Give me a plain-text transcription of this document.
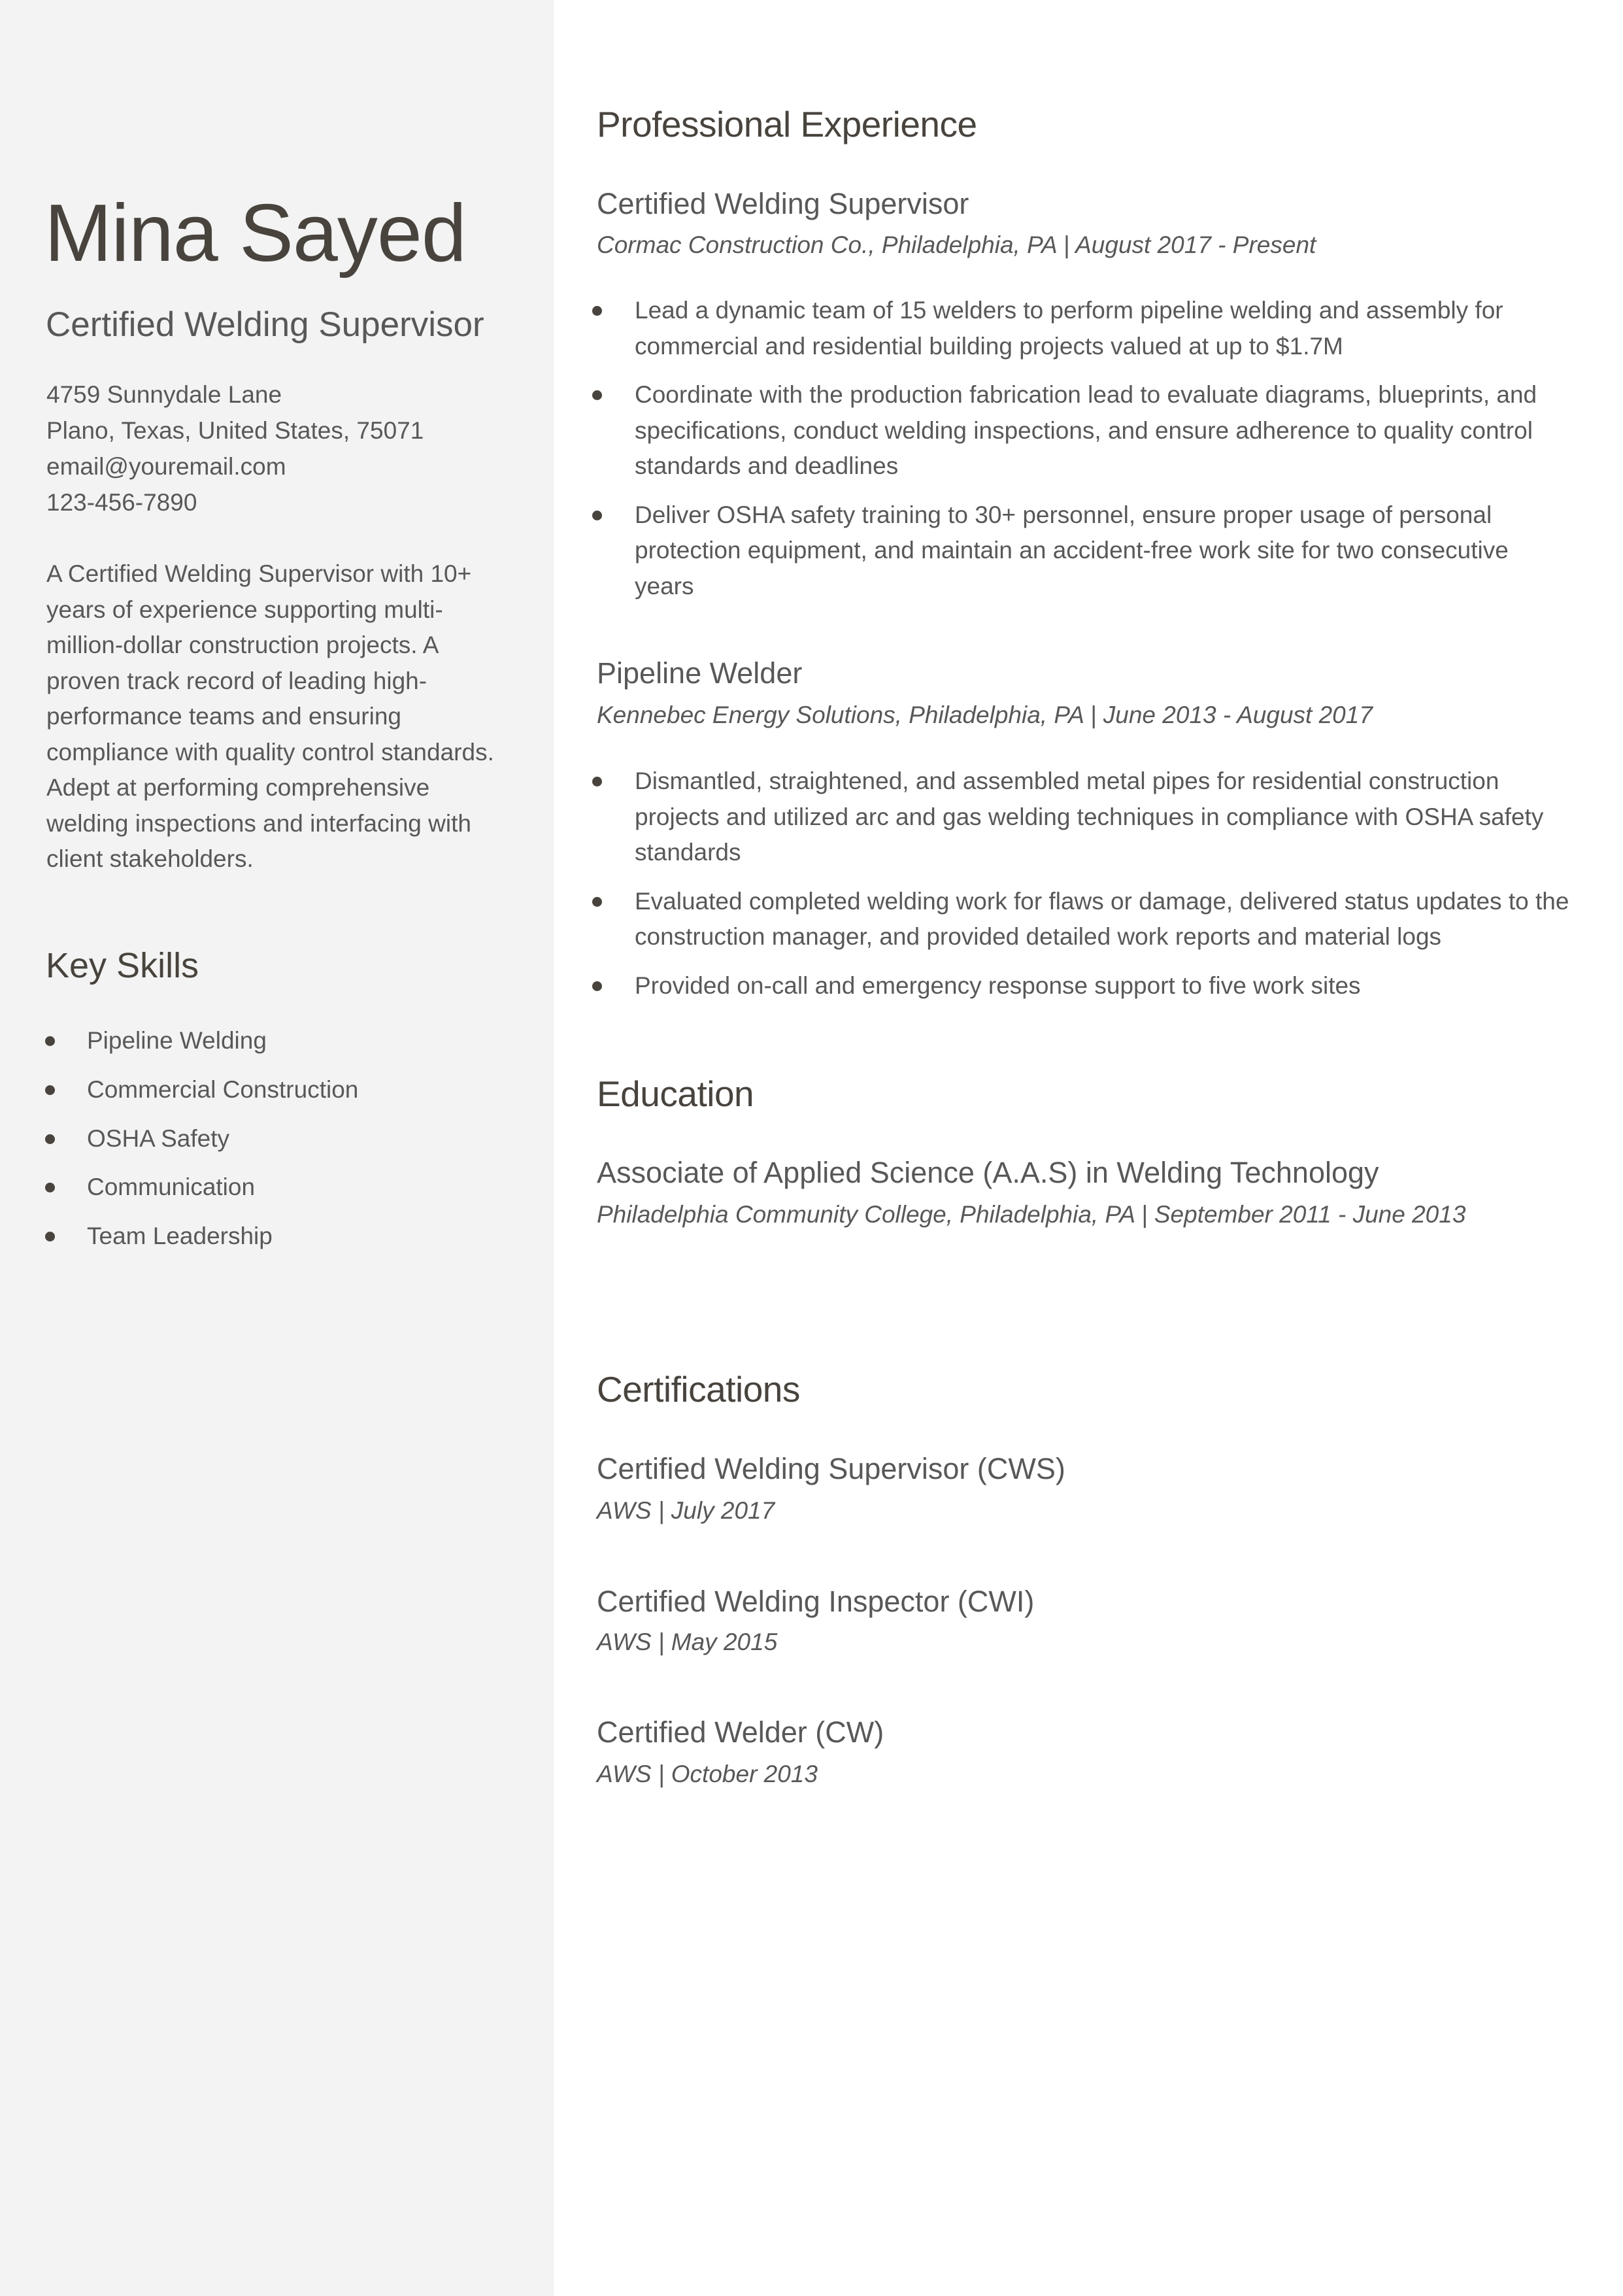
Mina Sayed
Certified Welding Supervisor
4759 Sunnydale Lane
Plano, Texas, United States, 75071
email@youremail.com
123-456-7890

A Certified Welding Supervisor with 10+ years of experience supporting multi-million-dollar construction projects. A proven track record of leading high-performance teams and ensuring compliance with quality control standards. Adept at performing comprehensive welding inspections and interfacing with client stakeholders.

Key Skills
Pipeline Welding
Commercial Construction
OSHA Safety
Communication
Team Leadership
Professional Experience
Certified Welding Supervisor
Cormac Construction Co., Philadelphia, PA | August 2017 - Present
Lead a dynamic team of 15 welders to perform pipeline welding and assembly for commercial and residential building projects valued at up to $1.7M
Coordinate with the production fabrication lead to evaluate diagrams, blueprints, and specifications, conduct welding inspections, and ensure adherence to quality control standards and deadlines
Deliver OSHA safety training to 30+ personnel, ensure proper usage of personal protection equipment, and maintain an accident-free work site for two consecutive years
Pipeline Welder
Kennebec Energy Solutions, Philadelphia, PA | June 2013 - August 2017
Dismantled, straightened, and assembled metal pipes for residential construction projects and utilized arc and gas welding techniques in compliance with OSHA safety standards
Evaluated completed welding work for flaws or damage, delivered status updates to the construction manager, and provided detailed work reports and material logs
Provided on-call and emergency response support to five work sites
Education
Associate of Applied Science (A.A.S) in Welding Technology
Philadelphia Community College, Philadelphia, PA | September 2011 - June 2013
Certifications
Certified Welding Supervisor (CWS)
AWS | July 2017
Certified Welding Inspector (CWI)
AWS | May 2015
Certified Welder (CW)
AWS | October 2013
